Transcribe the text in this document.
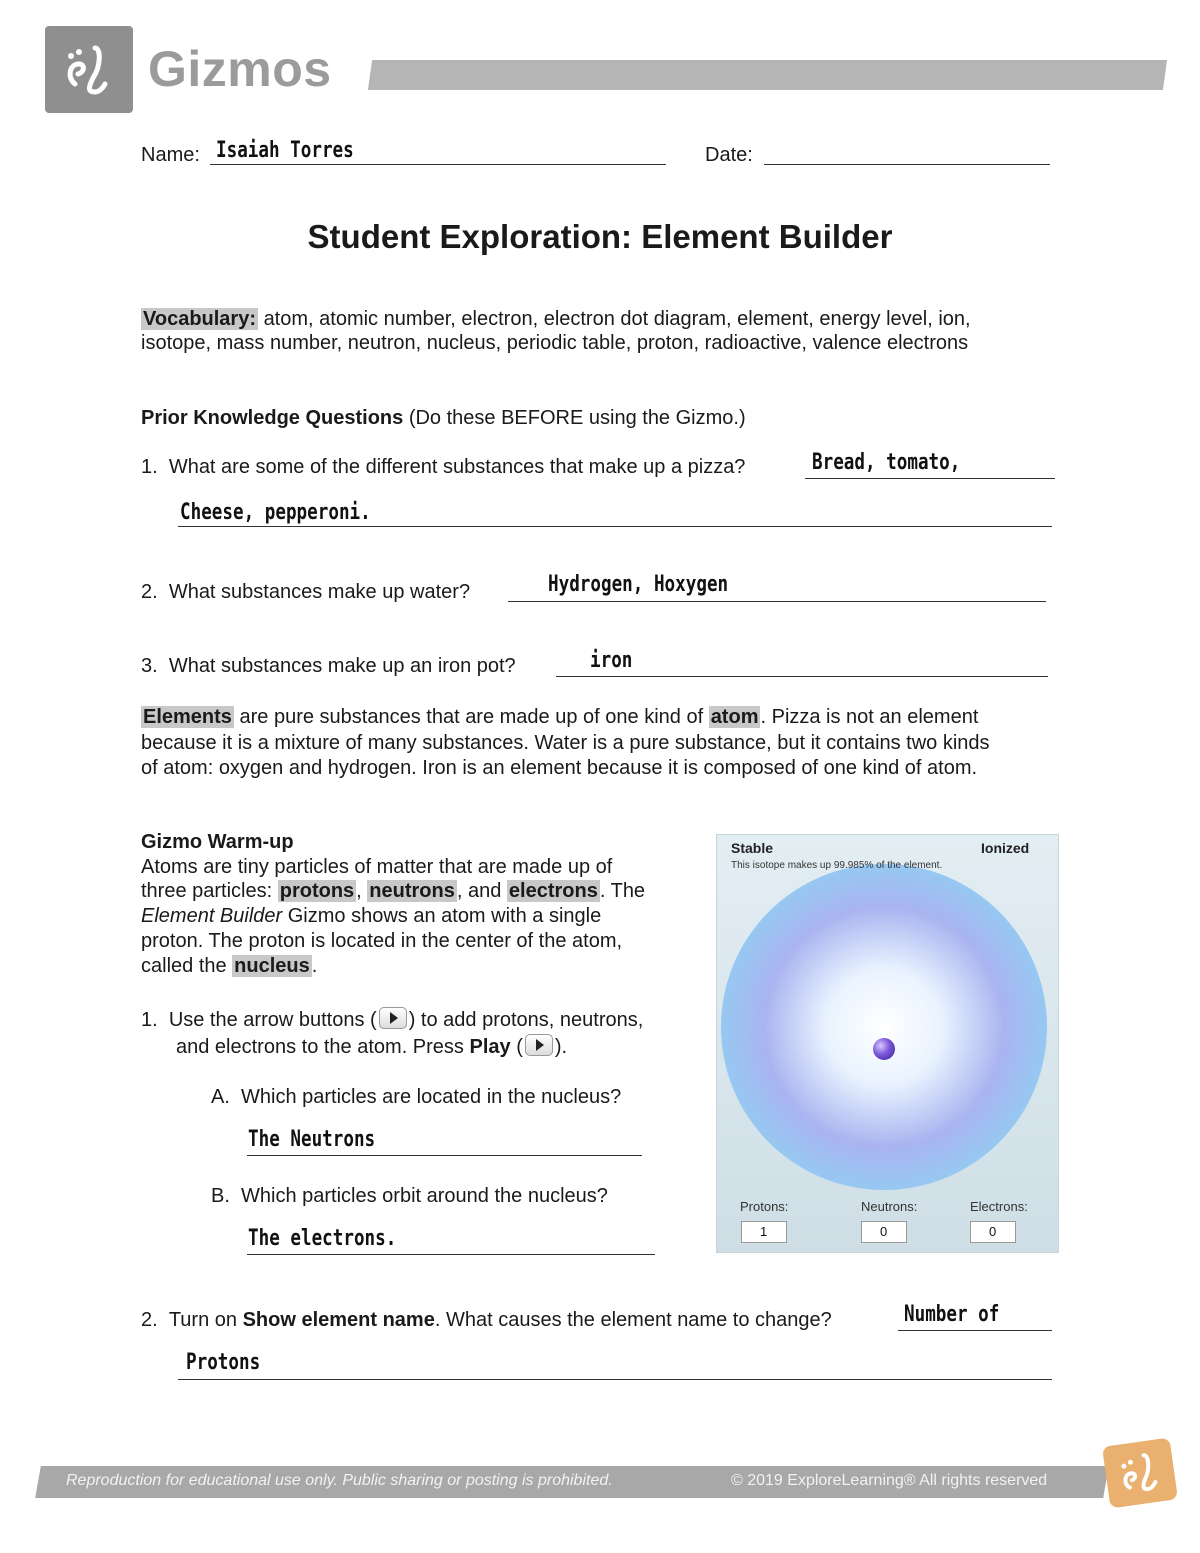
Gizmos
Name: Isaiah Torres	Date:
Student Exploration: Element Builder
Vocabulary: atom, atomic number, electron, electron dot diagram, element, energy level, ion,
isotope, mass number, neutron, nucleus, periodic table, proton, radioactive, valence electrons
Prior Knowledge Questions (Do these BEFORE using the Gizmo.)
1. What are some of the different substances that make up a pizza?	Bread, tomato,
Cheese, pepperoni.
2. What substances make up water?	Hydrogen, Hoxygen
3. What substances make up an iron pot?	iron
Elements are pure substances that are made up of one kind of atom . Pizza is not an element
because it is a mixture of many substances. Water is a pure substance, but it contains two kinds
of atom: oxygen and hydrogen. Iron is an element because it is composed of one kind of atom.
Gizmo Warm-up
Atoms are tiny particles of matter that are made up of
three particles: protons , neutrons , and electrons . The
Element Builder Gizmo shows an atom with a single
proton. The proton is located in the center of the atom,
called the nucleus .
1. Use the arrow buttons ( ) to add protons, neutrons,
and electrons to the atom. Press Play ( ).
A. Which particles are located in the nucleus?
The Neutrons
B. Which particles orbit around the nucleus?
The electrons.
2. Turn on Show element name. What causes the element name to change?	Number of
Protons
Stable	Ionized
This isotope makes up 99.985% of the element.
Protons:
1
Neutrons:
0
Electrons:
0
Reproduction for educational use only. Public sharing or posting is prohibited.	© 2019 ExploreLearning® All rights reserved
